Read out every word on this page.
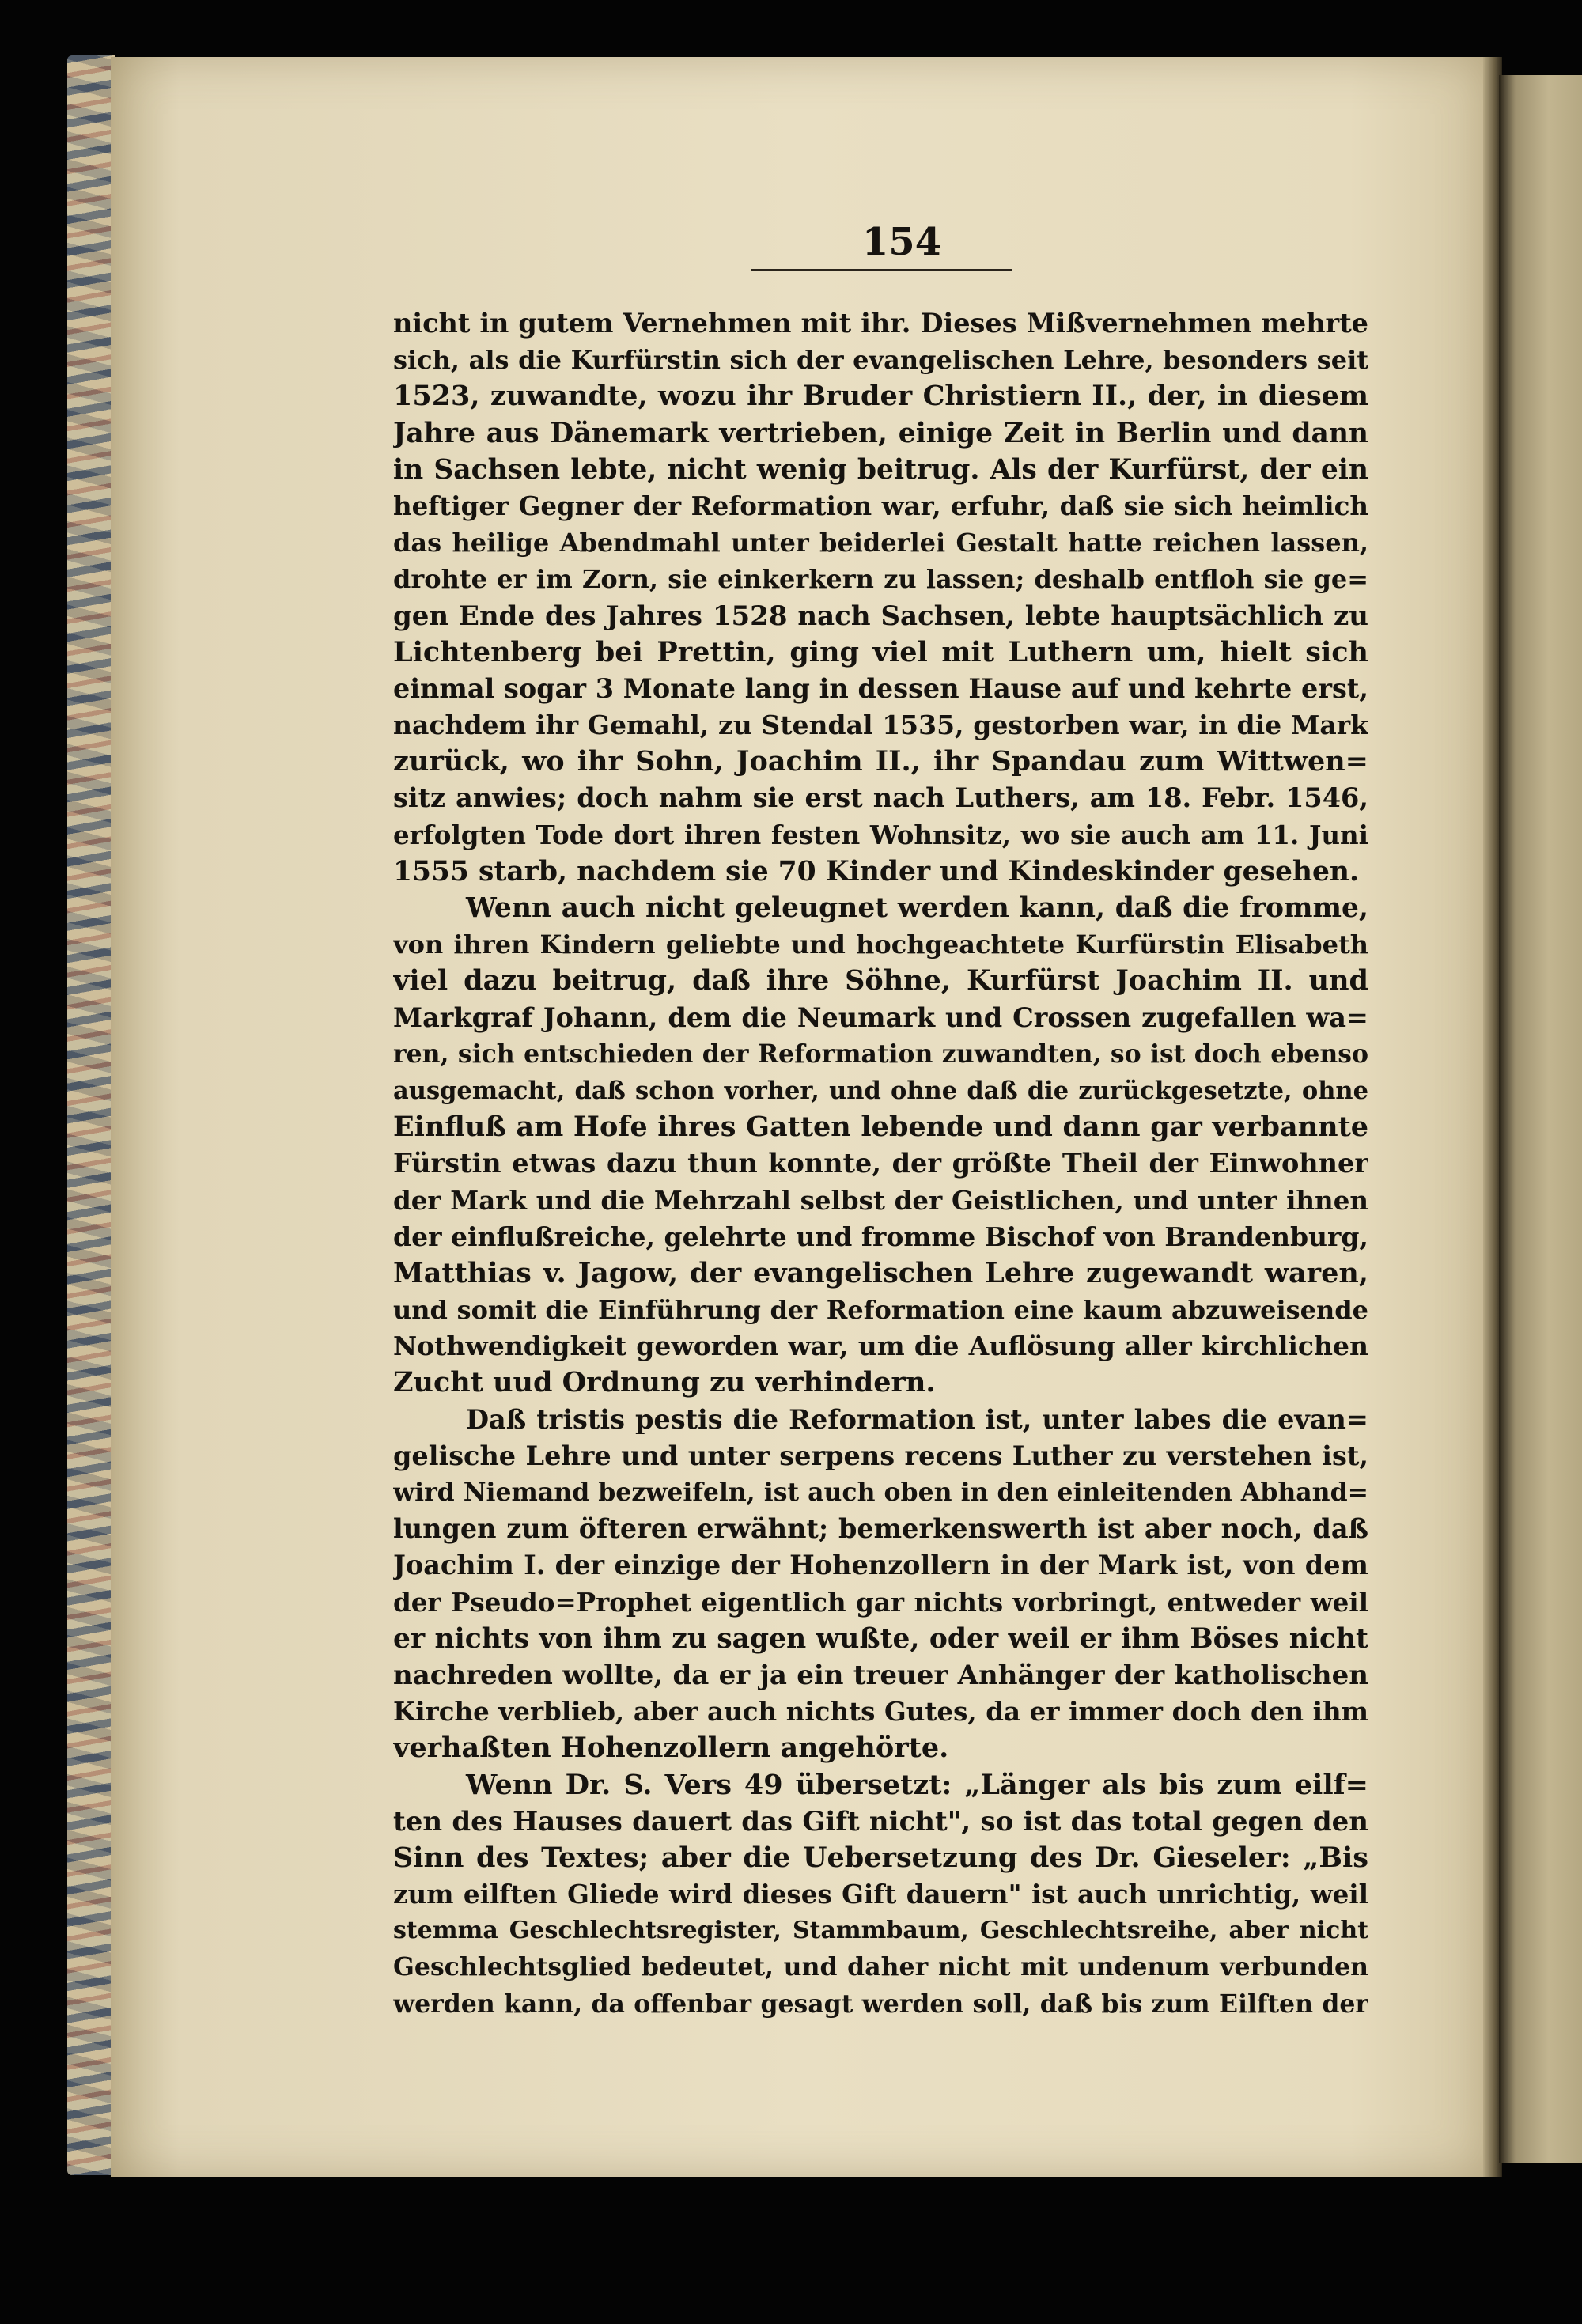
154
nicht in gutem Vernehmen mit ihr. Dieses Mißvernehmen mehrte
sich, als die Kurfürstin sich der evangelischen Lehre, besonders seit
1523, zuwandte, wozu ihr Bruder Christiern II., der, in diesem
Jahre aus Dänemark vertrieben, einige Zeit in Berlin und dann
in Sachsen lebte, nicht wenig beitrug. Als der Kurfürst, der ein
heftiger Gegner der Reformation war, erfuhr, daß sie sich heimlich
das heilige Abendmahl unter beiderlei Gestalt hatte reichen lassen,
drohte er im Zorn, sie einkerkern zu lassen; deshalb entfloh sie ge=
gen Ende des Jahres 1528 nach Sachsen, lebte hauptsächlich zu
Lichtenberg bei Prettin, ging viel mit Luthern um, hielt sich
einmal sogar 3 Monate lang in dessen Hause auf und kehrte erst,
nachdem ihr Gemahl, zu Stendal 1535, gestorben war, in die Mark
zurück, wo ihr Sohn, Joachim II., ihr Spandau zum Wittwen=
sitz anwies; doch nahm sie erst nach Luthers, am 18. Febr. 1546,
erfolgten Tode dort ihren festen Wohnsitz, wo sie auch am 11. Juni
1555 starb, nachdem sie 70 Kinder und Kindeskinder gesehen.
Wenn auch nicht geleugnet werden kann, daß die fromme,
von ihren Kindern geliebte und hochgeachtete Kurfürstin Elisabeth
viel dazu beitrug, daß ihre Söhne, Kurfürst Joachim II. und
Markgraf Johann, dem die Neumark und Crossen zugefallen wa=
ren, sich entschieden der Reformation zuwandten, so ist doch ebenso
ausgemacht, daß schon vorher, und ohne daß die zurückgesetzte, ohne
Einfluß am Hofe ihres Gatten lebende und dann gar verbannte
Fürstin etwas dazu thun konnte, der größte Theil der Einwohner
der Mark und die Mehrzahl selbst der Geistlichen, und unter ihnen
der einflußreiche, gelehrte und fromme Bischof von Brandenburg,
Matthias v. Jagow, der evangelischen Lehre zugewandt waren,
und somit die Einführung der Reformation eine kaum abzuweisende
Nothwendigkeit geworden war, um die Auflösung aller kirchlichen
Zucht uud Ordnung zu verhindern.
Daß tristis pestis die Reformation ist, unter labes die evan=
gelische Lehre und unter serpens recens Luther zu verstehen ist,
wird Niemand bezweifeln, ist auch oben in den einleitenden Abhand=
lungen zum öfteren erwähnt; bemerkenswerth ist aber noch, daß
Joachim I. der einzige der Hohenzollern in der Mark ist, von dem
der Pseudo=Prophet eigentlich gar nichts vorbringt, entweder weil
er nichts von ihm zu sagen wußte, oder weil er ihm Böses nicht
nachreden wollte, da er ja ein treuer Anhänger der katholischen
Kirche verblieb, aber auch nichts Gutes, da er immer doch den ihm
verhaßten Hohenzollern angehörte.
Wenn Dr. S. Vers 49 übersetzt: „Länger als bis zum eilf=
ten des Hauses dauert das Gift nicht", so ist das total gegen den
Sinn des Textes; aber die Uebersetzung des Dr. Gieseler: „Bis
zum eilften Gliede wird dieses Gift dauern" ist auch unrichtig, weil
stemma Geschlechtsregister, Stammbaum, Geschlechtsreihe, aber nicht
Geschlechtsglied bedeutet, und daher nicht mit undenum verbunden
werden kann, da offenbar gesagt werden soll, daß bis zum Eilften der
